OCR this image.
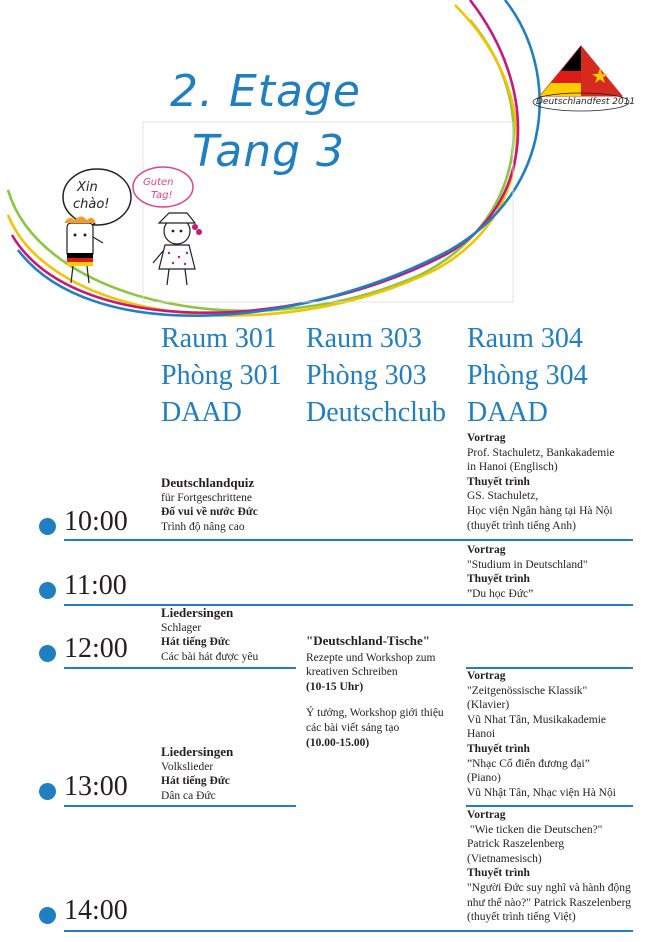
2. Etage
Tang 3
Deutschlandfest 2011
Xin
chào!
Guten
Tag!
Raum 301
Phòng 301
DAAD
Raum 303
Phòng 303
Deutschclub
Raum 304
Phòng 304
DAAD
10:00
11:00
12:00
13:00
14:00
Deutschlandquiz
für Fortgeschrittene
Đố vui về nước Đức
Trình độ nâng cao
Liedersingen
Schlager
Hát tiếng Đức
Các bài hát được yêu
Liedersingen
Volkslieder
Hát tiếng Đức
Dân ca Đức
"Deutschland-Tische"
Rezepte und Workshop zum
kreativen Schreiben
(10-15 Uhr)
Ý tưởng, Workshop giới thiệu
các bài viết sáng tạo
(10.00-15.00)
Vortrag
Prof. Stachuletz, Bankakademie
in Hanoi (Englisch)
Thuyết trình
GS. Stachuletz,
Học viện Ngân hàng tại Hà Nội
(thuyết trình tiếng Anh)
Vortrag
"Studium in Deutschland"
Thuyết trình
”Du học Đức”
Vortrag
"Zeitgenössische Klassik"
(Klavier)
Vũ Nhat Tân, Musikakademie
Hanoi
Thuyết trình
”Nhạc Cổ điển đương đại”
(Piano)
Vũ Nhật Tân, Nhạc viện Hà Nội
Vortrag
"Wie ticken die Deutschen?"
Patrick Raszelenberg
(Vietnamesisch)
Thuyết trình
"Người Đức suy nghĩ và hành động
như thế nào?" Patrick Raszelenberg
(thuyết trình tiếng Việt)
